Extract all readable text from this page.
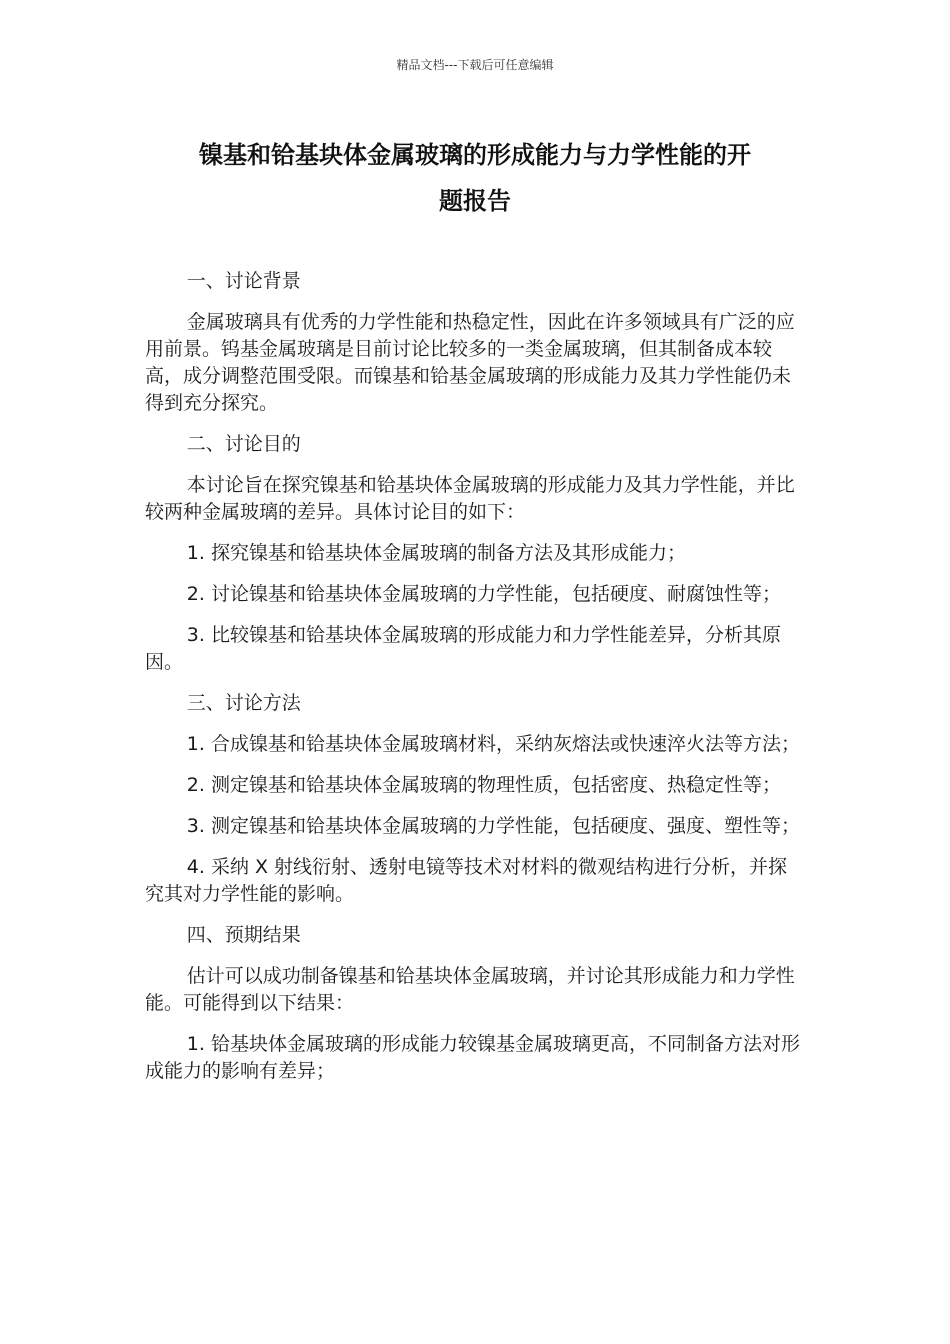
精品文档---下载后可任意编辑
镍基和铪基块体金属玻璃的形成能力与力学性能的开
题报告

一、讨论背景

金属玻璃具有优秀的力学性能和热稳定性，因此在许多领域具有广泛的应用前景。钨基金属玻璃是目前讨论比较多的一类金属玻璃，但其制备成本较高，成分调整范围受限。而镍基和铪基金属玻璃的形成能力及其力学性能仍未得到充分探究。

二、讨论目的

本讨论旨在探究镍基和铪基块体金属玻璃的形成能力及其力学性能，并比较两种金属玻璃的差异。具体讨论目的如下：

1. 探究镍基和铪基块体金属玻璃的制备方法及其形成能力；

2. 讨论镍基和铪基块体金属玻璃的力学性能，包括硬度、耐腐蚀性等；

3. 比较镍基和铪基块体金属玻璃的形成能力和力学性能差异，分析其原因。

三、讨论方法

1. 合成镍基和铪基块体金属玻璃材料，采纳灰熔法或快速淬火法等方法；

2. 测定镍基和铪基块体金属玻璃的物理性质，包括密度、热稳定性等；

3. 测定镍基和铪基块体金属玻璃的力学性能，包括硬度、强度、塑性等；

4. 采纳 X 射线衍射、透射电镜等技术对材料的微观结构进行分析，并探究其对力学性能的影响。

四、预期结果

估计可以成功制备镍基和铪基块体金属玻璃，并讨论其形成能力和力学性能。可能得到以下结果：

1. 铪基块体金属玻璃的形成能力较镍基金属玻璃更高，不同制备方法对形成能力的影响有差异；
